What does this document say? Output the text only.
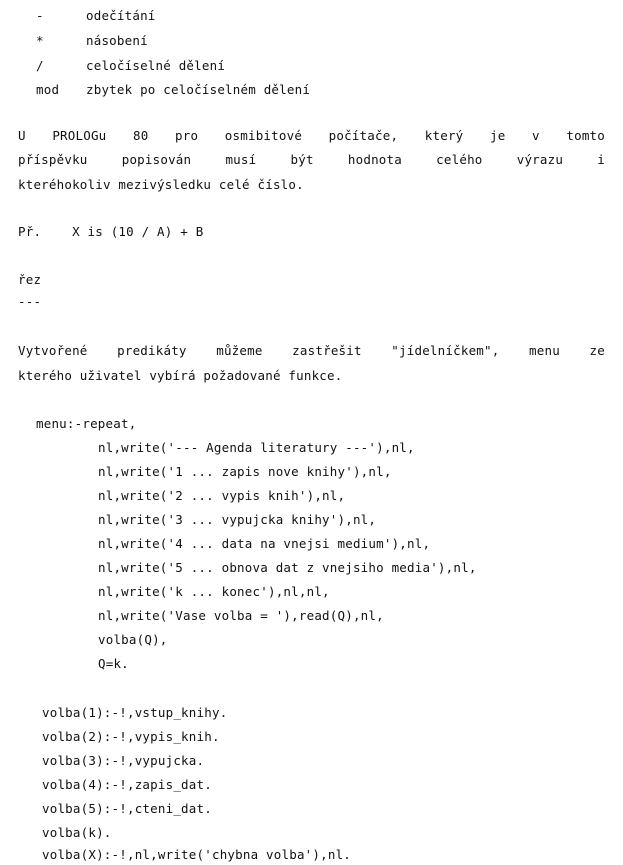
-	odečítání
*	násobení
/	celočíselné dělení
mod zbytek po celočíselném dělení
U PROLOGu 80 pro osmibitové počítače, který je v tomto
příspěvku popisován musí být hodnota celého výrazu i
kteréhokoliv mezivýsledku celé číslo.
Př.    X is (10 / A) + B
řez
---
Vytvořené predikáty můžeme zastřešit "jídelníčkem", menu ze
kterého uživatel vybírá požadované funkce.
menu:-repeat,
nl,write('--- Agenda literatury ---'),nl,
nl,write('1 ... zapis nove knihy'),nl,
nl,write('2 ... vypis knih'),nl,
nl,write('3 ... vypujcka knihy'),nl,
nl,write('4 ... data na vnejsi medium'),nl,
nl,write('5 ... obnova dat z vnejsiho media'),nl,
nl,write('k ... konec'),nl,nl,
nl,write('Vase volba = '),read(Q),nl,
volba(Q),
Q=k.
volba(1):-!,vstup_knihy.
volba(2):-!,vypis_knih.
volba(3):-!,vypujcka.
volba(4):-!,zapis_dat.
volba(5):-!,cteni_dat.
volba(k).
volba(X):-!,nl,write('chybna volba'),nl.
